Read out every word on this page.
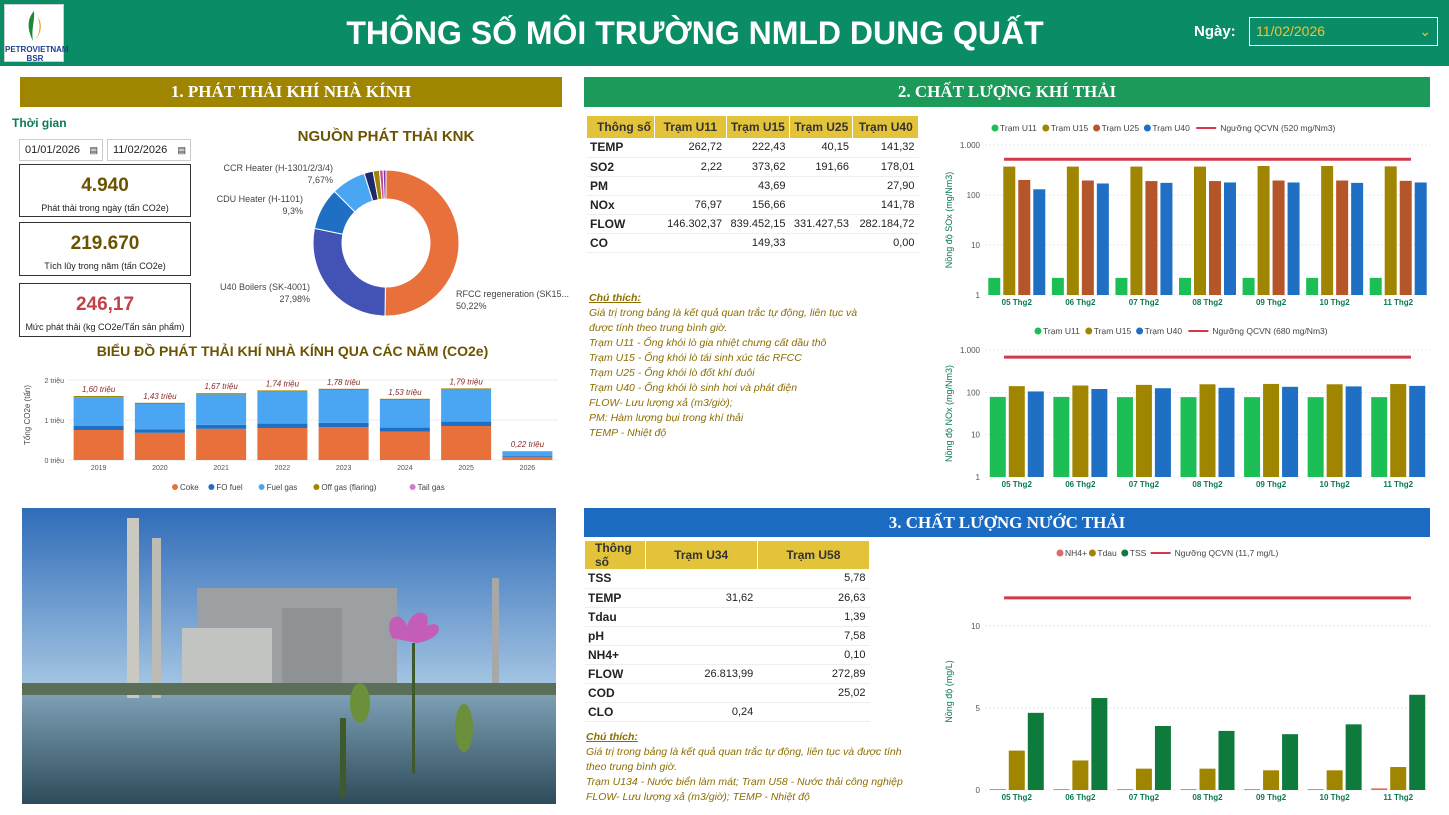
PETROVIETNAM
BSR
THÔNG SỐ MÔI TRƯỜNG NMLD DUNG QUẤT	Ngày:	11/02/2026	⌄
1. PHÁT THẢI KHÍ NHÀ KÍNH	2. CHẤT LƯỢNG KHÍ THẢI
3. CHẤT LƯỢNG NƯỚC THẢI
Thời gian
01/01/2026 ▤	11/02/2026 ▤
4.940
Phát thải trong ngày (tấn CO2e)
219.670
Tích lũy trong năm (tấn CO2e)
246,17
Mức phát thải (kg CO2e/Tấn sản phẩm)
NGUỒN PHÁT THẢI KNK
CCR Heater (H-1301/2/3/4)
7,67%
CDU Heater (H-1101)
9,3%
U40 Boilers (SK-4001)
27,98%	RFCC regeneration (SK15...
50,22%
BIỂU ĐỒ PHÁT THẢI KHÍ NHÀ KÍNH QUA CÁC NĂM (CO2e)
Tổng CO2e (tấn)
2 triệu
1 triệu
0 triệu
1,60 triệu
2019
1,43 triệu
2020
1,67 triệu
2021
1,74 triệu
2022
1,78 triệu
2023
1,53 triệu
2024
1,79 triệu
2025
0,22 triệu
2026
Coke FO fuel	Fuel gas	Off gas (flaring)	Tail gas
Thông số	Trạm U11	Trạm U15	Trạm U25	Trạm U40
TEMP	262,72	222,43	40,15	141,32
SO2	2,22	373,62	191,66	178,01
PM		43,69		27,90
NOx	76,97	156,66		141,78
FLOW	146.302,37	839.452,15	331.427,53	282.184,72
CO		149,33		0,00
Chú thích:
Giá trị trong bảng là kết quả quan trắc tự động, liên tục và
được tính theo trung bình giờ.
Trạm U11 - Ống khói lò gia nhiệt chưng cất dầu thô
Trạm U15 - Ống khói lò tái sinh xúc tác RFCC
Trạm U25 - Ống khói lò đốt khí đuôi
Trạm U40 - Ống khói lò sinh hơi và phát điện
FLOW- Lưu lượng xả (m3/giờ);
PM: Hàm lượng bụi trong khí thải
TEMP - Nhiệt độ
Nồng độ SOx (mg/Nm3)
1.000
100
10
1
05 Thg2	06 Thg2	07 Thg2	08 Thg2	09 Thg2	10 Thg2	11 Thg2
Trạm U11 Trạm U15 Trạm U25 Trạm U40	Ngưỡng QCVN (520 mg/Nm3)
Nồng độ NOx (mg/Nm3)
1.000
100
10
1
05 Thg2	06 Thg2	07 Thg2	08 Thg2	09 Thg2	10 Thg2	11 Thg2
Trạm U11 Trạm U15 Trạm U40	Ngưỡng QCVN (680 mg/Nm3)
Thông số	Trạm U34	Trạm U58
TSS		5,78
TEMP	31,62	26,63
Tdau		1,39
pH		7,58
NH4+		0,10
FLOW	26.813,99	272,89
COD		25,02
CLO	0,24	
Chú thích:
Giá trị trong bảng là kết quả quan trắc tự động, liên tục và được tính
theo trung bình giờ.
Trạm U134 - Nước biển làm mát; Trạm U58 - Nước thải công nghiệp
FLOW- Lưu lượng xả (m3/giờ); TEMP - Nhiệt độ
Nồng độ (mg/L)
10
5
0
05 Thg2	06 Thg2	07 Thg2	08 Thg2	09 Thg2	10 Thg2	11 Thg2
NH4+ Tdau TSS	Ngưỡng QCVN (11,7 mg/L)
